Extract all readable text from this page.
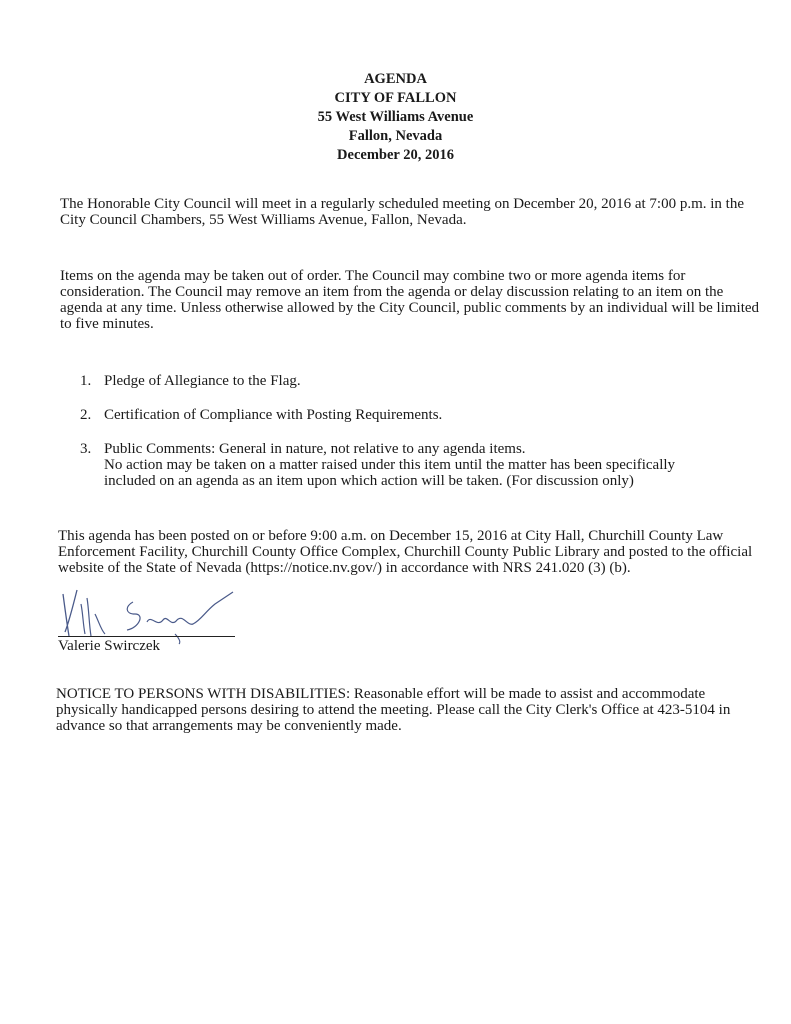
AGENDA
CITY OF FALLON
55 West Williams Avenue
Fallon, Nevada
December 20, 2016

The Honorable City Council will meet in a regularly scheduled meeting on December 20, 2016 at 7:00 p.m. in the City Council Chambers, 55 West Williams Avenue, Fallon, Nevada.

Items on the agenda may be taken out of order. The Council may combine two or more agenda items for consideration. The Council may remove an item from the agenda or delay discussion relating to an item on the agenda at any time. Unless otherwise allowed by the City Council, public comments by an individual will be limited to five minutes.

1. Pledge of Allegiance to the Flag.
2. Certification of Compliance with Posting Requirements.
3. Public Comments: General in nature, not relative to any agenda items.
No action may be taken on a matter raised under this item until the matter has been specifically included on an agenda as an item upon which action will be taken. (For discussion only)

This agenda has been posted on or before 9:00 a.m. on December 15, 2016 at City Hall, Churchill County Law Enforcement Facility, Churchill County Office Complex, Churchill County Public Library and posted to the official website of the State of Nevada (https://notice.nv.gov/) in accordance with NRS 241.020 (3) (b).

Valerie Swirczek

NOTICE TO PERSONS WITH DISABILITIES: Reasonable effort will be made to assist and accommodate physically handicapped persons desiring to attend the meeting. Please call the City Clerk's Office at 423-5104 in advance so that arrangements may be conveniently made.
